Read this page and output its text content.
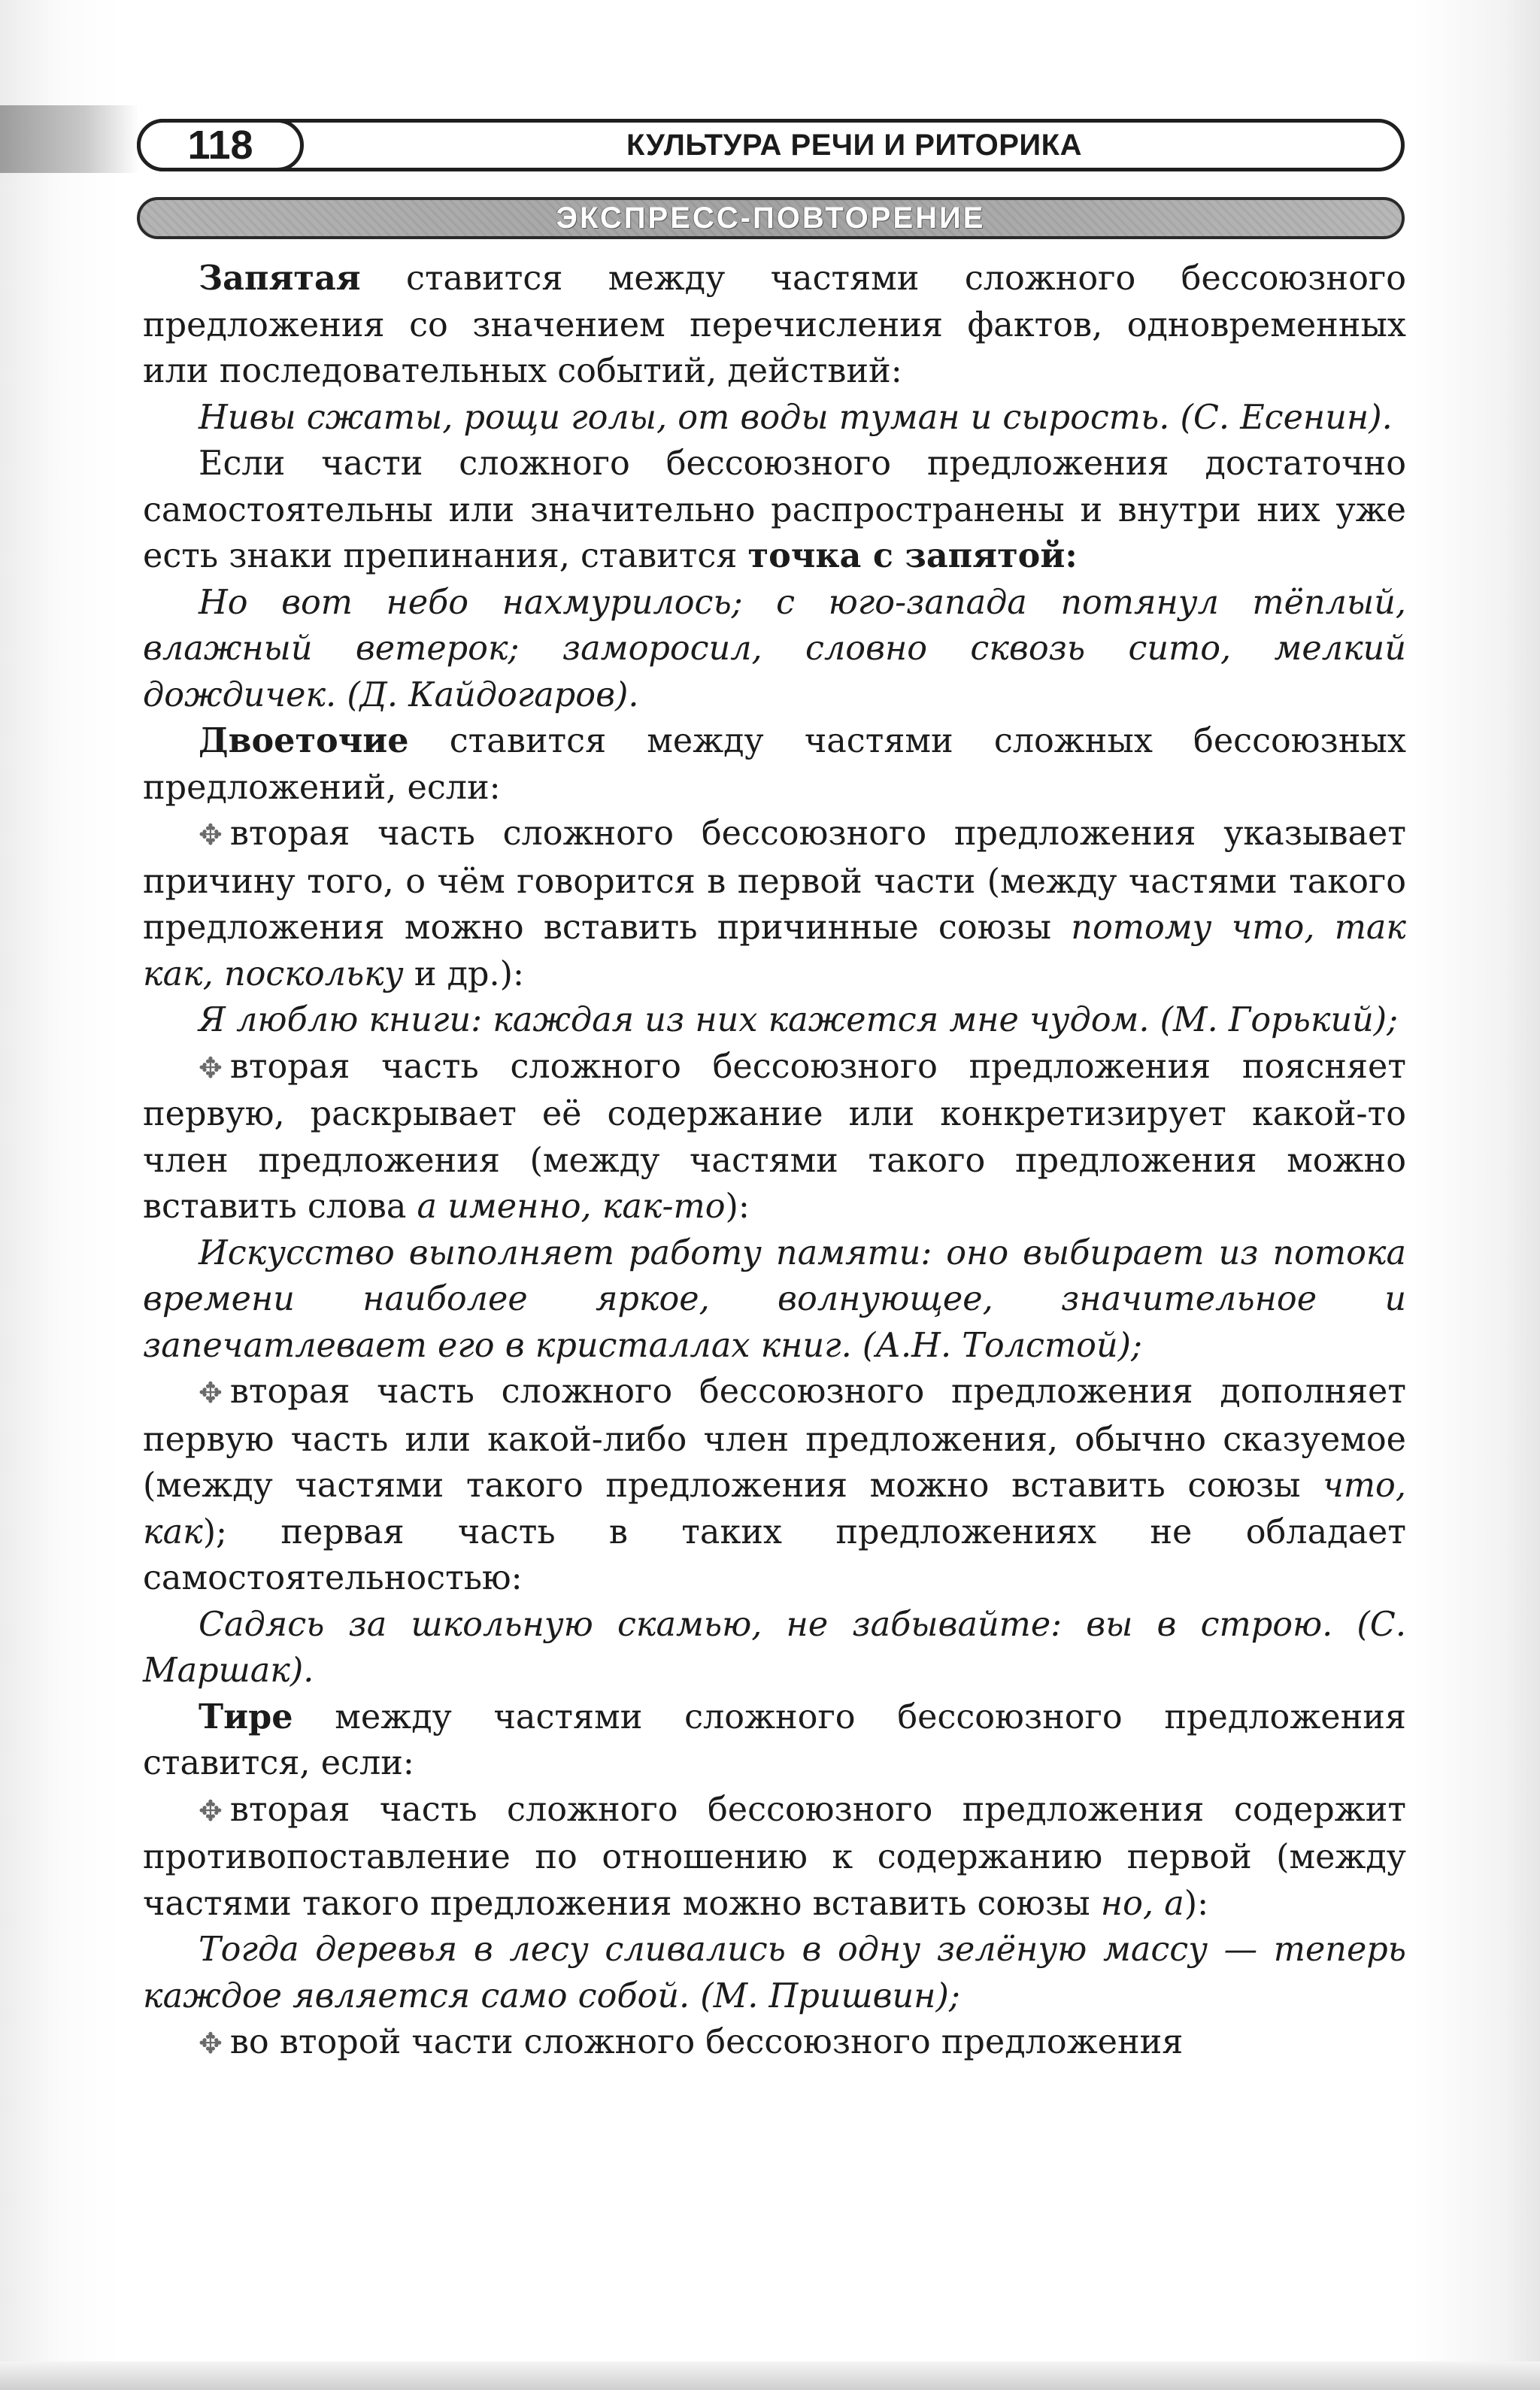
118	КУЛЬТУРА РЕЧИ И РИТОРИКА
ЭКСПРЕСС-ПОВТОРЕНИЕ

Запятая ставится между частями сложного бессоюзного предложения со значением перечисления фактов, одновременных или последовательных событий, действий:

Нивы сжаты, рощи голы, от воды туман и сырость. (С. Есенин).

Если части сложного бессоюзного предложения достаточно самостоятельны или значительно распространены и внутри них уже есть знаки препинания, ставится точка с запятой:

Но вот небо нахмурилось; с юго-запада потянул тёплый, влажный ветерок; заморосил, словно сквозь сито, мелкий дождичек. (Д. Кайдогаров).

Двоеточие ставится между частями сложных бессоюзных предложений, если:

✥ вторая часть сложного бессоюзного предложения указывает причину того, о чём говорится в первой части (между частями такого предложения можно вставить причинные союзы потому что, так как, поскольку и др.):

Я люблю книги: каждая из них кажется мне чудом. (М. Горький);

✥ вторая часть сложного бессоюзного предложения поясняет первую, раскрывает её содержание или конкретизирует какой-то член предложения (между частями такого предложения можно вставить слова а именно, как-то):

Искусство выполняет работу памяти: оно выбирает из потока времени наиболее яркое, волнующее, значительное и запечатлевает его в кристаллах книг. (А.Н. Толстой);

✥ вторая часть сложного бессоюзного предложения дополняет первую часть или какой-либо член предложения, обычно сказуемое (между частями такого предложения можно вставить союзы что, как); первая часть в таких предложениях не обладает самостоятельностью:

Садясь за школьную скамью, не забывайте: вы в строю. (С. Маршак).

Тире между частями сложного бессоюзного предложения ставится, если:

✥ вторая часть сложного бессоюзного предложения содержит противопоставление по отношению к содержанию первой (между частями такого предложения можно вставить союзы но, а):

Тогда деревья в лесу сливались в одну зелёную массу — теперь каждое является само собой. (М. Пришвин);

✥ во второй части сложного бессоюзного предложения
